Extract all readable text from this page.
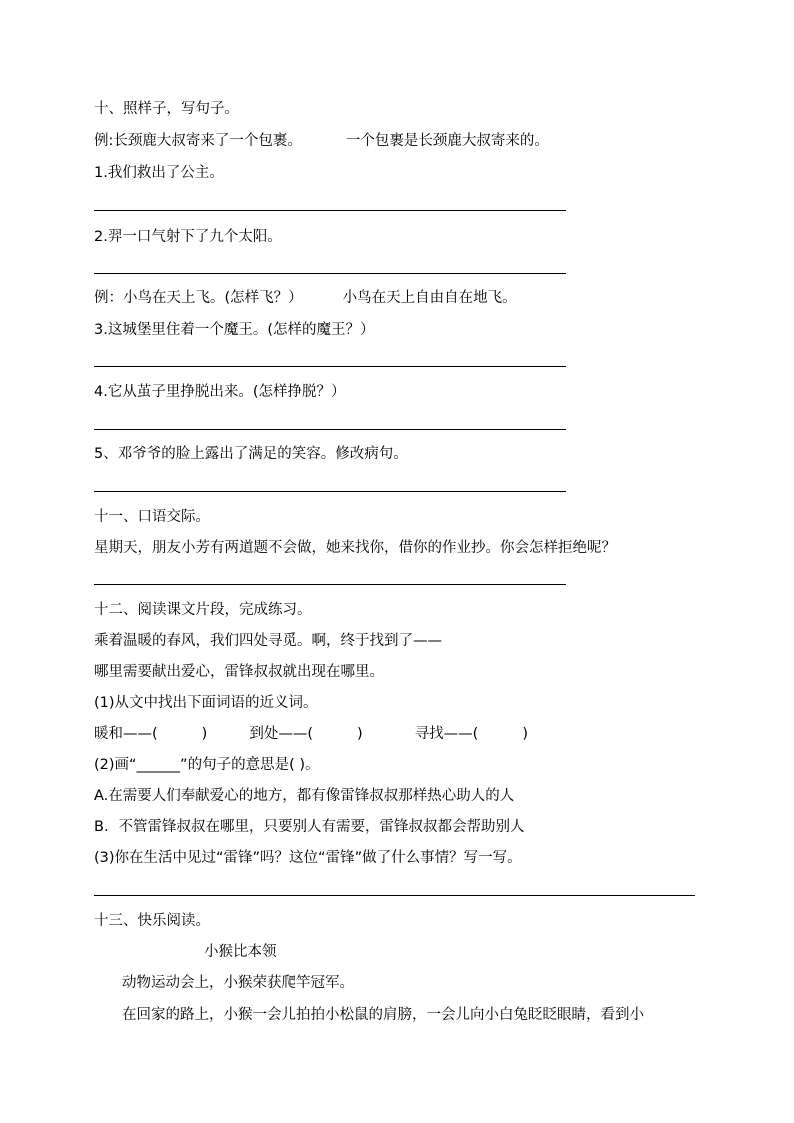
十、照样子，写句子。
例:长颈鹿大叔寄来了一个包裹。	一个包裹是长颈鹿大叔寄来的。
1.我们救出了公主。
2.羿一口气射下了九个太阳。
例：小鸟在天上飞。(怎样飞？）	小鸟在天上自由自在地飞。
3.这城堡里住着一个魔王。(怎样的魔王？）
4.它从茧子里挣脱出来。(怎样挣脱？）
5、邓爷爷的脸上露出了满足的笑容。修改病句。
十一、口语交际。
星期天，朋友小芳有两道题不会做，她来找你，借你的作业抄。你会怎样拒绝呢？
十二、阅读课文片段，完成练习。
乘着温暖的春风，我们四处寻觅。啊，终于找到了——
哪里需要献出爱心，雷锋叔叔就出现在哪里。
(1)从文中找出下面词语的近义词。
暖和——(	)	到处——(	)	寻找——(	)
(2)画“______”的句子的意思是( )。
A.在需要人们奉献爱心的地方，都有像雷锋叔叔那样热心助人的人
B．不管雷锋叔叔在哪里，只要别人有需要，雷锋叔叔都会帮助别人
(3)你在生活中见过“雷锋”吗？这位“雷锋”做了什么事情？写一写。
十三、快乐阅读。
小猴比本领
动物运动会上，小猴荣获爬竿冠军。
在回家的路上，小猴一会儿拍拍小松鼠的肩膀，一会儿向小白兔眨眨眼睛，看到小
